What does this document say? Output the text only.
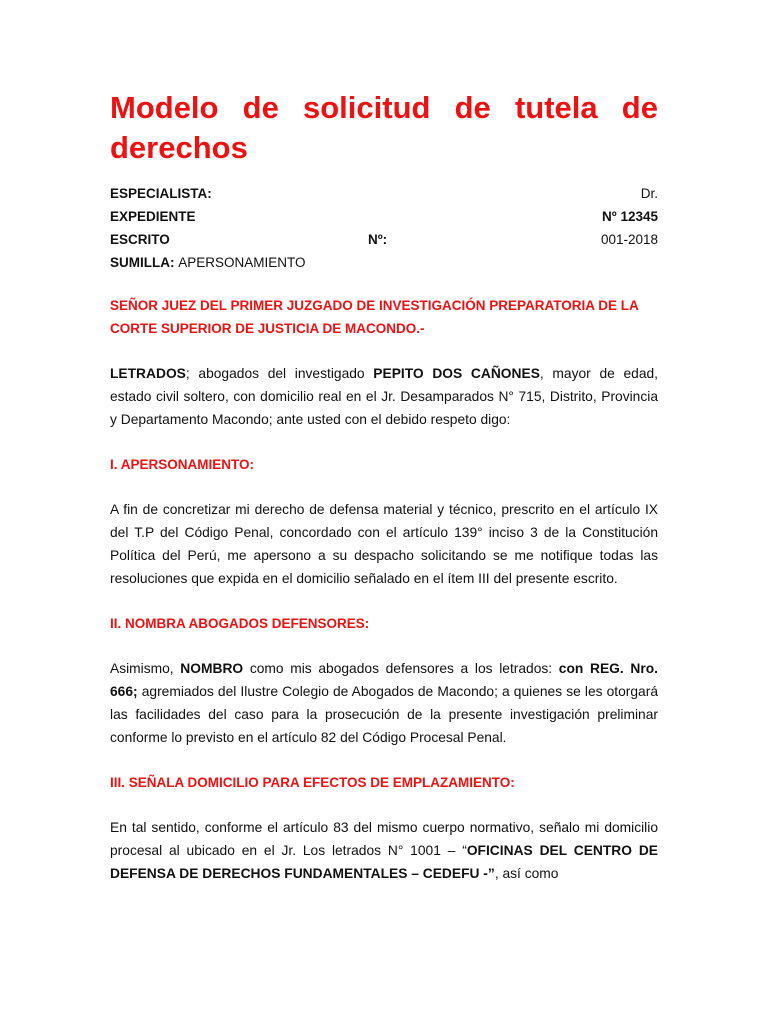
Modelo de solicitud de tutela de
derechos
ESPECIALISTA:	Dr.
EXPEDIENTE	Nº 12345
ESCRITO	Nº:	001-2018
SUMILLA: APERSONAMIENTO

SEÑOR JUEZ DEL PRIMER JUZGADO DE INVESTIGACIÓN PREPARATORIA DE LA CORTE SUPERIOR DE JUSTICIA DE MACONDO.-

LETRADOS; abogados del investigado PEPITO DOS CAÑONES, mayor de edad, estado civil soltero, con domicilio real en el Jr. Desamparados N° 715, Distrito, Provincia y Departamento Macondo; ante usted con el debido respeto digo:

I. APERSONAMIENTO:

A fin de concretizar mi derecho de defensa material y técnico, prescrito en el artículo IX del T.P del Código Penal, concordado con el artículo 139° inciso 3 de la Constitución Política del Perú, me apersono a su despacho solicitando se me notifique todas las resoluciones que expida en el domicilio señalado en el ítem III del presente escrito.

II. NOMBRA ABOGADOS DEFENSORES:

Asimismo, NOMBRO como mis abogados defensores a los letrados: con REG. Nro. 666; agremiados del Ilustre Colegio de Abogados de Macondo; a quienes se les otorgará las facilidades del caso para la prosecución de la presente investigación preliminar conforme lo previsto en el artículo 82 del Código Procesal Penal.

III. SEÑALA DOMICILIO PARA EFECTOS DE EMPLAZAMIENTO:

En tal sentido, conforme el artículo 83 del mismo cuerpo normativo, señalo mi domicilio procesal al ubicado en el Jr. Los letrados N° 1001 – “OFICINAS DEL CENTRO DE DEFENSA DE DERECHOS FUNDAMENTALES – CEDEFU -”, así como
